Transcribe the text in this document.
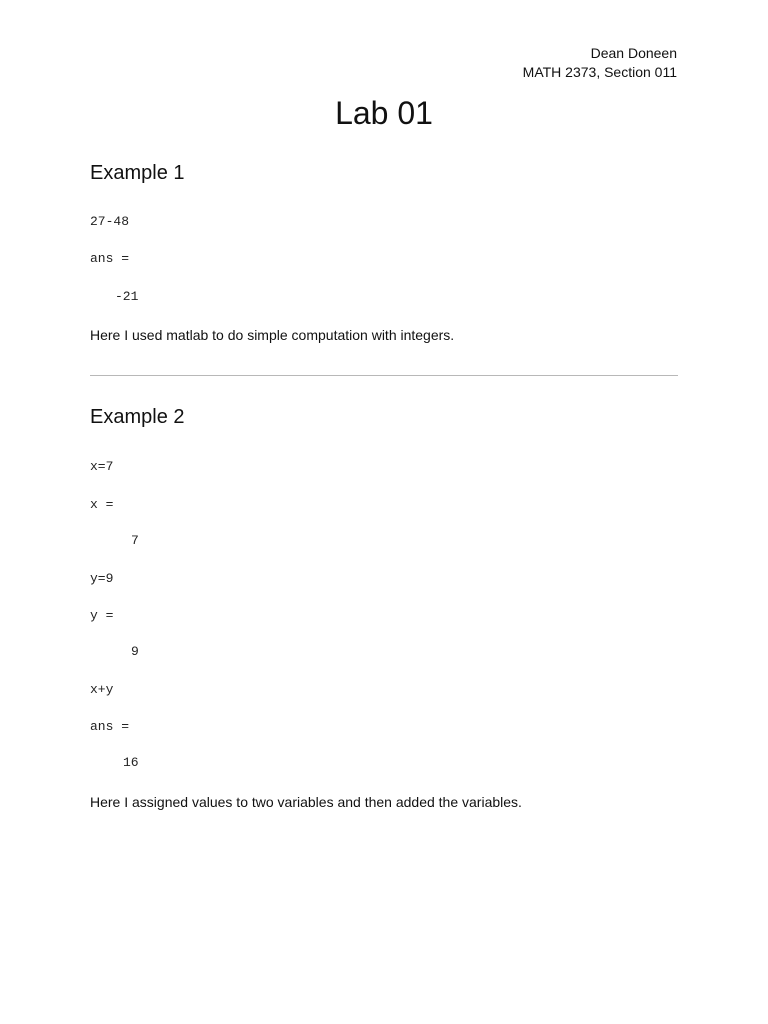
Dean Doneen
MATH 2373, Section 011
Lab 01
Example 1
27-48
ans =
-21
Here I used matlab to do simple computation with integers.
Example 2
x=7
x =
7
y=9
y =
9
x+y
ans =
16
Here I assigned values to two variables and then added the variables.
